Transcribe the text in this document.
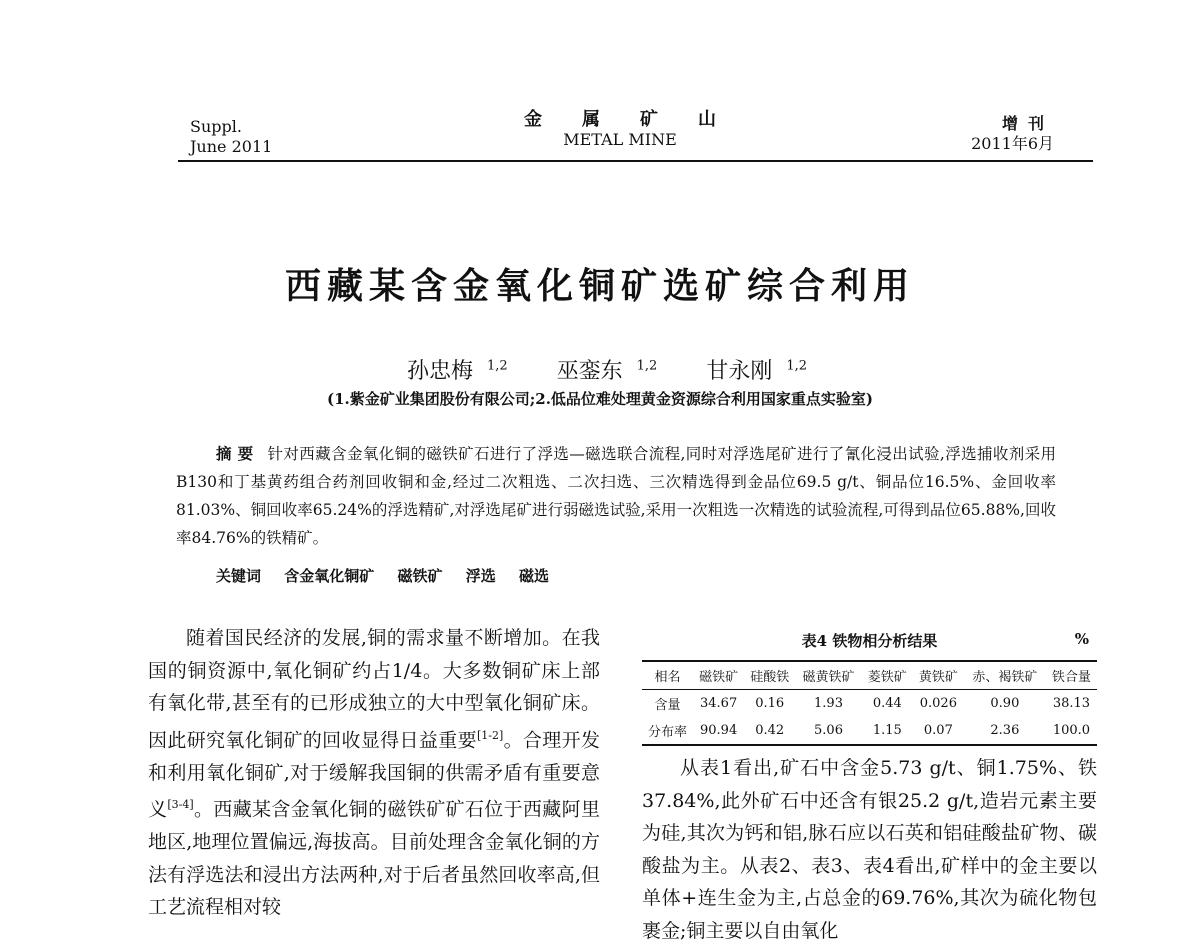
Suppl.
June 2011
金属矿山
METAL MINE
增刊
2011年6月
西藏某含金氧化铜矿选矿综合利用
孙忠梅 $^{1,2}$ 巫銮东 $^{1,2}$ 甘永刚 $^{1,2}$
(1.紫金矿业集团股份有限公司;2.低品位难处理黄金资源综合利用国家重点实验室)
摘 要 针对西藏含金氧化铜的磁铁矿石进行了浮选—磁选联合流程,同时对浮选尾矿进行了氰化浸出试验,浮选捕收剂采用B130和丁基黄药组合药剂回收铜和金,经过二次粗选、二次扫选、三次精选得到金品位69.5 g/t、铜品位16.5%、金回收率81.03%、铜回收率65.24%的浮选精矿,对浮选尾矿进行弱磁选试验,采用一次粗选一次精选的试验流程,可得到品位65.88%,回收率84.76%的铁精矿。
关键词 含金氧化铜矿 磁铁矿 浮选 磁选

随着国民经济的发展,铜的需求量不断增加。在我国的铜资源中,氧化铜矿约占1/4。大多数铜矿床上部有氧化带,甚至有的已形成独立的大中型氧化铜矿床。因此研究氧化铜矿的回收显得日益重要[1-2]。合理开发和利用氧化铜矿,对于缓解我国铜的供需矛盾有重要意义[3-4]。西藏某含金氧化铜的磁铁矿矿石位于西藏阿里地区,地理位置偏远,海拔高。目前处理含金氧化铜的方法有浮选法和浸出方法两种,对于后者虽然回收率高,但工艺流程相对较

表4 铁物相分析结果	%
相名	磁铁矿	硅酸铁	磁黄铁矿	菱铁矿	黄铁矿	赤、褐铁矿	铁合量
含量	34.67	0.16	1.93	0.44	0.026	0.90	38.13
分布率	90.94	0.42	5.06	1.15	0.07	2.36	100.0

从表1看出,矿石中含金5.73 g/t、铜1.75%、铁37.84%,此外矿石中还含有银25.2 g/t,造岩元素主要为硅,其次为钙和铝,脉石应以石英和铝硅酸盐矿物、碳酸盐为主。从表2、表3、表4看出,矿样中的金主要以单体+连生金为主,占总金的69.76%,其次为硫化物包裹金;铜主要以自由氧化
